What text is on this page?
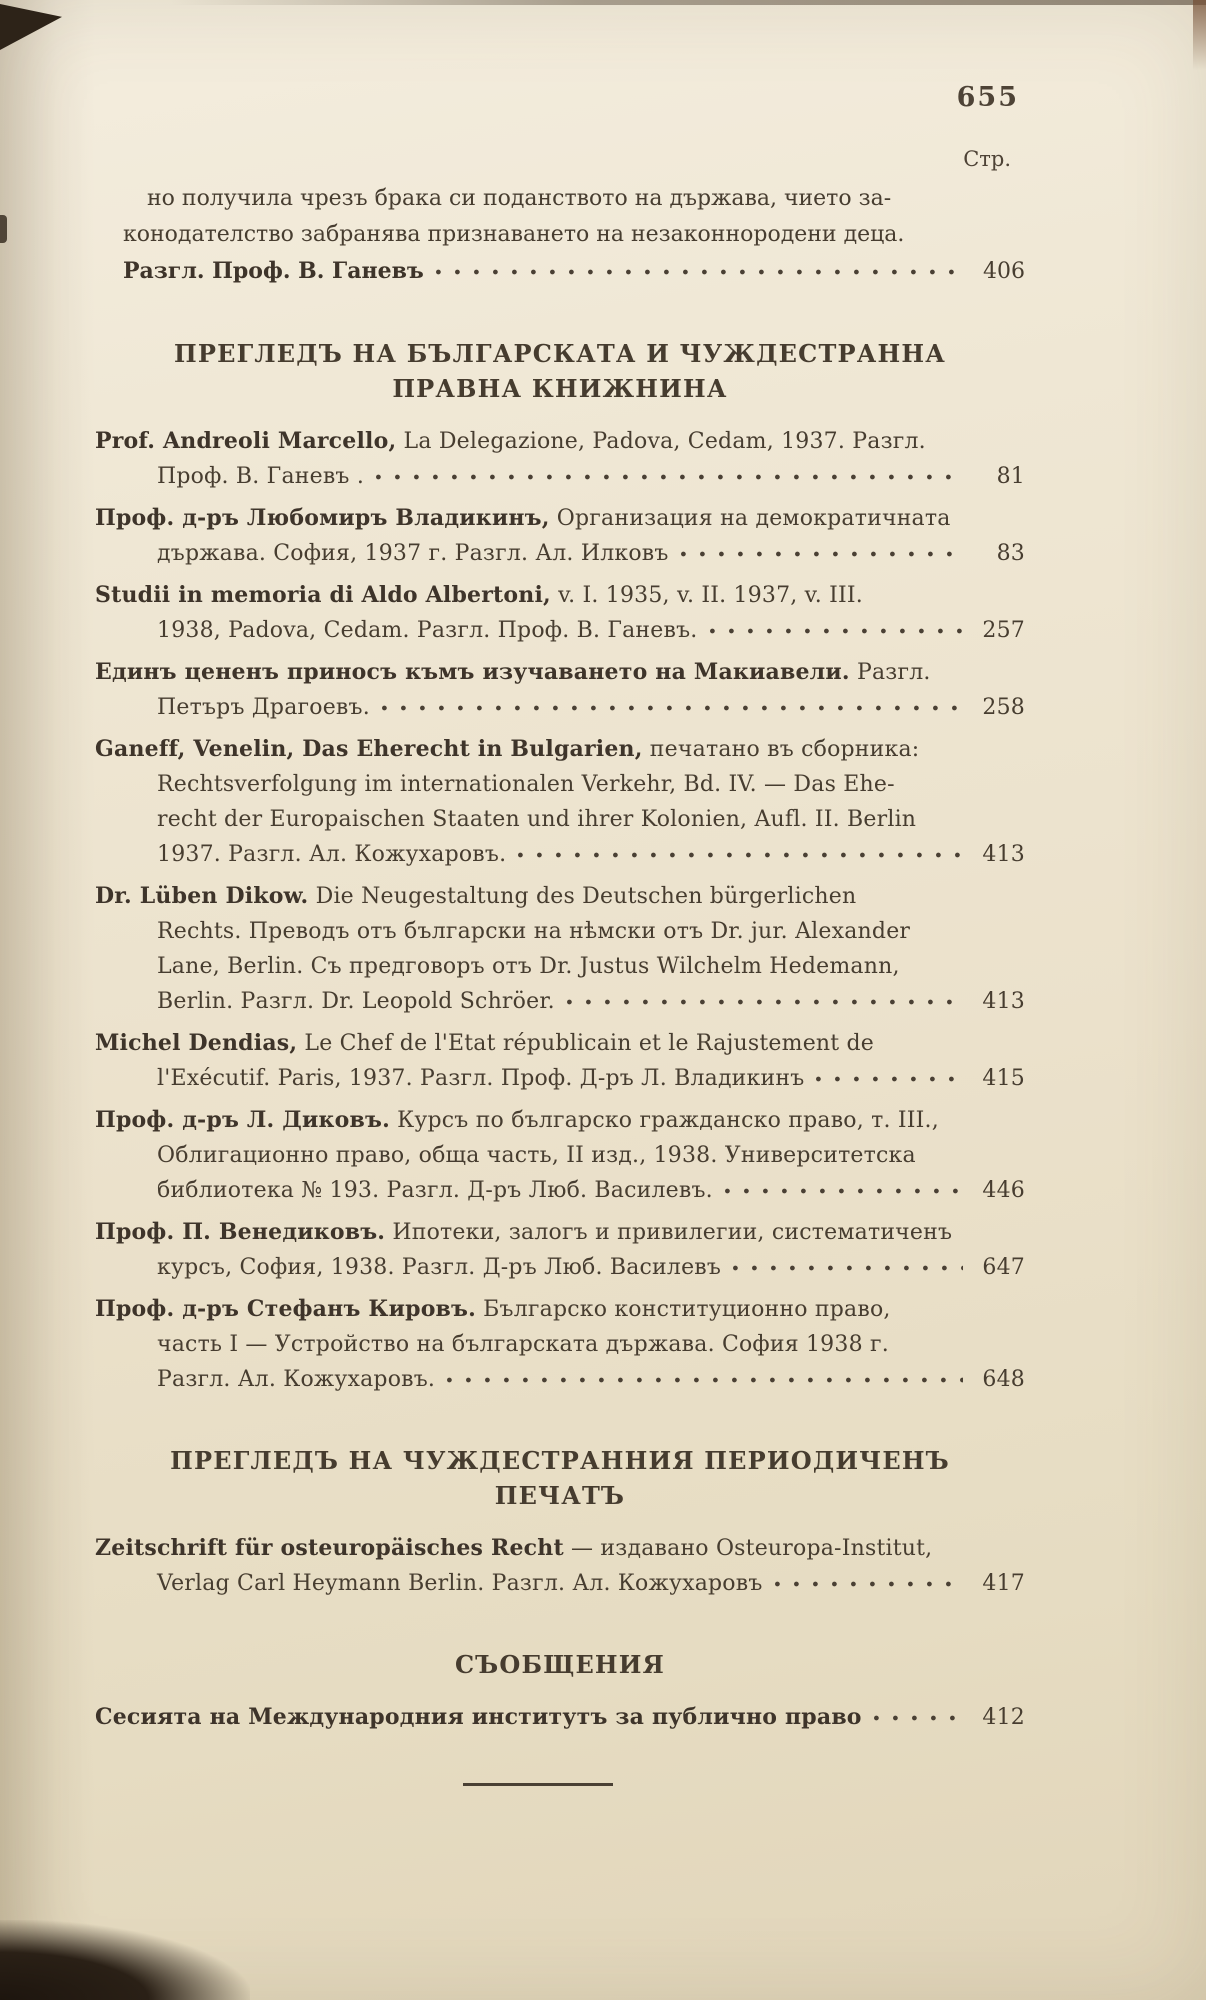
655
Стр.
но получила чрезъ брака си поданството на държава, чието за-
конодателство забранява признаването на незаконнородени деца.
Разгл. Проф. В. Ганевъ	406
ПРЕГЛЕДЪ НА БЪЛГАРСКАТА И ЧУЖДЕСТРАННА ПРАВНА КНИЖНИНА
Prof. Andreoli Marcello, La Delegazione, Padova, Cedam, 1937. Разгл.
Проф. В. Ганевъ .	81
Проф. д-ръ Любомиръ Владикинъ, Организация на демократичната
държава. София, 1937 г. Разгл. Ал. Илковъ	83
Studii in memoria di Aldo Albertoni, v. I. 1935, v. II. 1937, v. III.
1938, Padova, Cedam. Разгл. Проф. В. Ганевъ.	257
Единъ цененъ приносъ къмъ изучаването на Макиавели. Разгл.
Петъръ Драгоевъ.	258
Ganeff, Venelin, Das Eherecht in Bulgarien, печатано въ сборника:
Rechtsverfolgung im internationalen Verkehr, Bd. IV. — Das Ehe-
recht der Europaischen Staaten und ihrer Kolonien, Aufl. II. Berlin
1937. Разгл. Ал. Кожухаровъ.	413
Dr. Lüben Dikow. Die Neugestaltung des Deutschen bürgerlichen
Rechts. Преводъ отъ български на нѣмски отъ Dr. jur. Alexander
Lane, Berlin. Съ предговоръ отъ Dr. Justus Wilchelm Hedemann,
Berlin. Разгл. Dr. Leopold Schröer.	413
Michel Dendias, Le Chef de l'Etat républicain et le Rajustement de
l'Exécutif. Paris, 1937. Разгл. Проф. Д-ръ Л. Владикинъ	415
Проф. д-ръ Л. Диковъ. Курсъ по българско гражданско право, т. III.,
Облигационно право, обща часть, II изд., 1938. Университетска
библиотека № 193. Разгл. Д-ръ Люб. Василевъ.	446
Проф. П. Венедиковъ. Ипотеки, залогъ и привилегии, систематиченъ
курсъ, София, 1938. Разгл. Д-ръ Люб. Василевъ	647
Проф. д-ръ Стефанъ Кировъ. Българско конституционно право,
часть I — Устройство на българската държава. София 1938 г.
Разгл. Ал. Кожухаровъ.	648
ПРЕГЛЕДЪ НА ЧУЖДЕСТРАННИЯ ПЕРИОДИЧЕНЪ ПЕЧАТЪ
Zeitschrift für osteuropäisches Recht — издавано Osteuropa-Institut,
Verlag Carl Heymann Berlin. Разгл. Ал. Кожухаровъ	417
СЪОБЩЕНИЯ
Сесията на Международния институтъ за публично право	412
